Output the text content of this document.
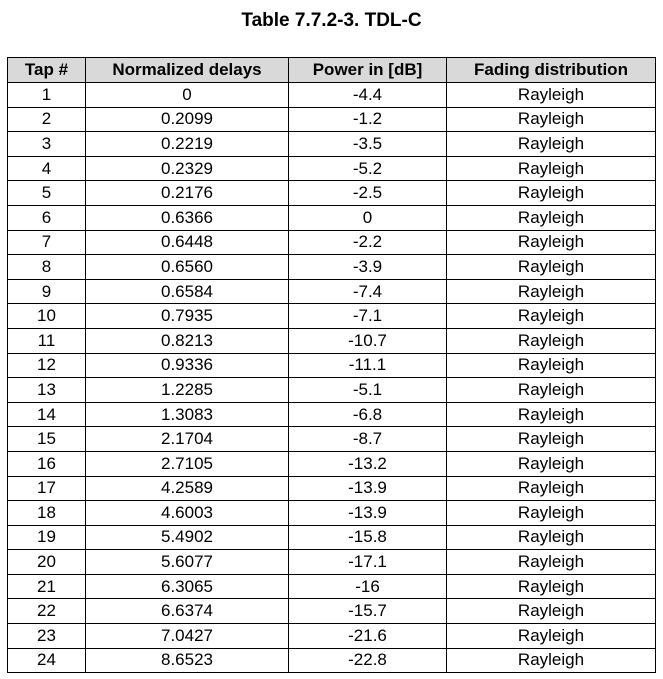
Table 7.7.2-3. TDL-C
Tap #	Normalized delays	Power in [dB]	Fading distribution
1	0	-4.4	Rayleigh
2	0.2099	-1.2	Rayleigh
3	0.2219	-3.5	Rayleigh
4	0.2329	-5.2	Rayleigh
5	0.2176	-2.5	Rayleigh
6	0.6366	0	Rayleigh
7	0.6448	-2.2	Rayleigh
8	0.6560	-3.9	Rayleigh
9	0.6584	-7.4	Rayleigh
10	0.7935	-7.1	Rayleigh
11	0.8213	-10.7	Rayleigh
12	0.9336	-11.1	Rayleigh
13	1.2285	-5.1	Rayleigh
14	1.3083	-6.8	Rayleigh
15	2.1704	-8.7	Rayleigh
16	2.7105	-13.2	Rayleigh
17	4.2589	-13.9	Rayleigh
18	4.6003	-13.9	Rayleigh
19	5.4902	-15.8	Rayleigh
20	5.6077	-17.1	Rayleigh
21	6.3065	-16	Rayleigh
22	6.6374	-15.7	Rayleigh
23	7.0427	-21.6	Rayleigh
24	8.6523	-22.8	Rayleigh
